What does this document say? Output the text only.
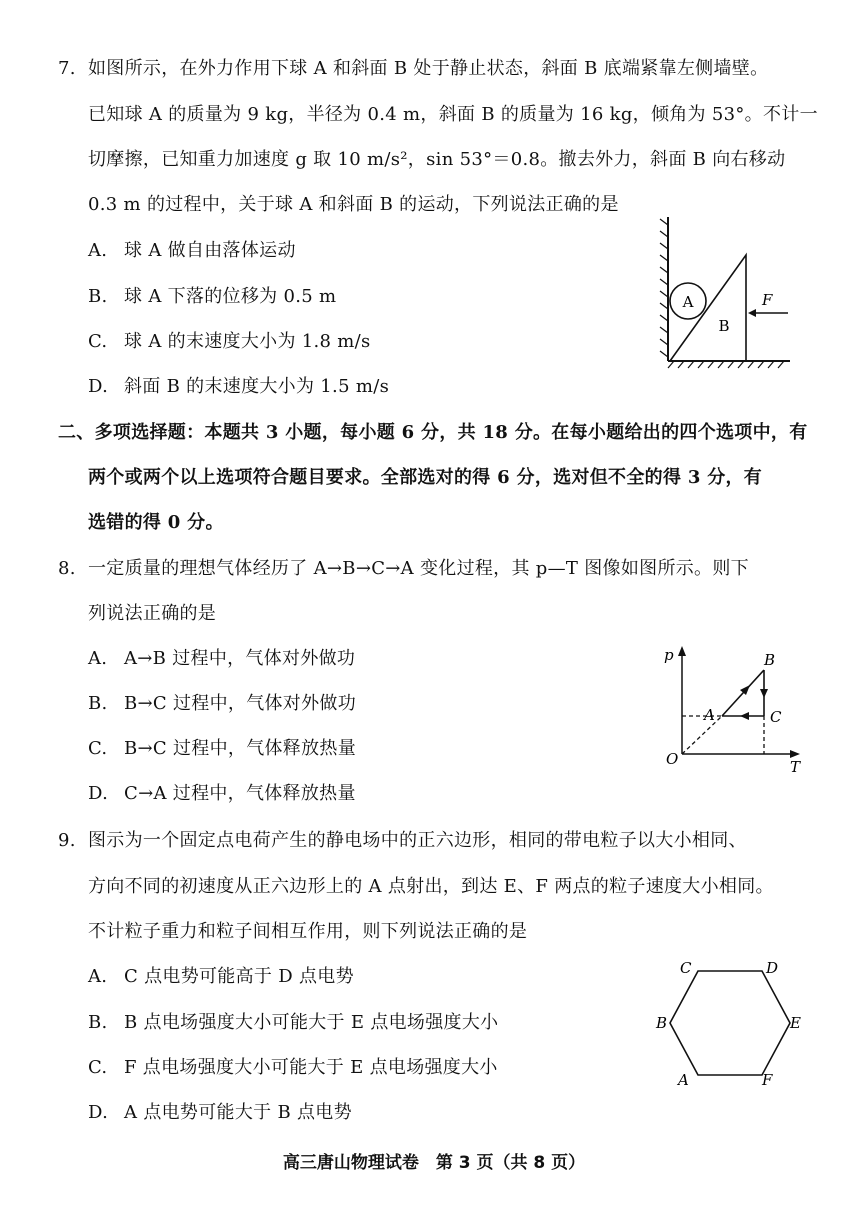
7. 如图所示，在外力作用下球 A 和斜面 B 处于静止状态，斜面 B 底端紧靠左侧墙壁。
已知球 A 的质量为 9 kg，半径为 0.4 m，斜面 B 的质量为 16 kg，倾角为 53°。不计一
切摩擦，已知重力加速度 g 取 10 m/s²，sin 53°＝0.8。撤去外力，斜面 B 向右移动
0.3 m 的过程中，关于球 A 和斜面 B 的运动，下列说法正确的是
A. 球 A 做自由落体运动
B. 球 A 下落的位移为 0.5 m
C. 球 A 的末速度大小为 1.8 m/s
D. 斜面 B 的末速度大小为 1.5 m/s
A
B
F
二、多项选择题：本题共 3 小题，每小题 6 分，共 18 分。在每小题给出的四个选项中，有
两个或两个以上选项符合题目要求。全部选对的得 6 分，选对但不全的得 3 分，有
选错的得 0 分。
8. 一定质量的理想气体经历了 A→B→C→A 变化过程，其 p—T 图像如图所示。则下
列说法正确的是
A. A→B 过程中，气体对外做功
B. B→C 过程中，气体对外做功
C. B→C 过程中，气体释放热量
D. C→A 过程中，气体释放热量
p
T
O
B
A	C
9. 图示为一个固定点电荷产生的静电场中的正六边形，相同的带电粒子以大小相同、
方向不同的初速度从正六边形上的 A 点射出，到达 E、F 两点的粒子速度大小相同。
不计粒子重力和粒子间相互作用，则下列说法正确的是
A. C 点电势可能高于 D 点电势
B. B 点电场强度大小可能大于 E 点电场强度大小
C. F 点电场强度大小可能大于 E 点电场强度大小
D. A 点电势可能大于 B 点电势
C	D
B	E
A	F
高三唐山物理试卷　第 3 页（共 8 页）
